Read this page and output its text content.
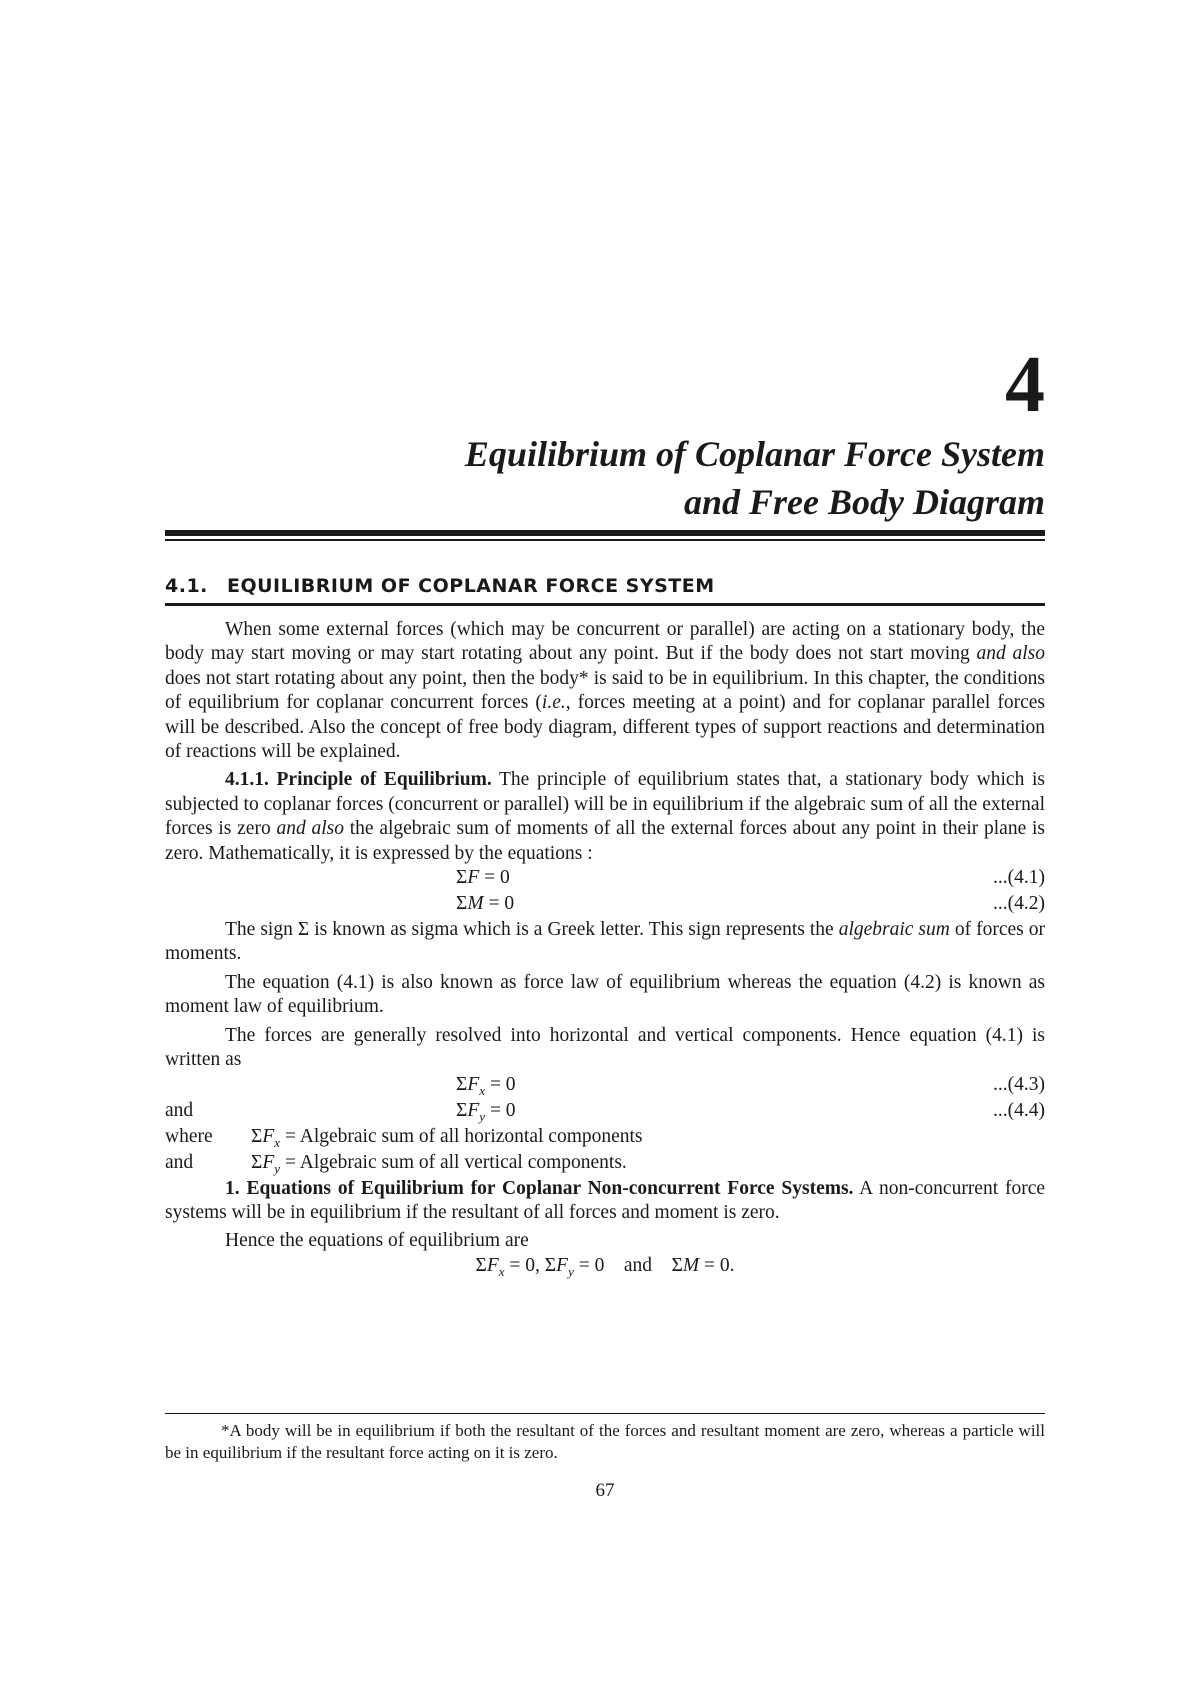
4
Equilibrium of Coplanar Force System
and Free Body Diagram
4.1. EQUILIBRIUM OF COPLANAR FORCE SYSTEM

When some external forces (which may be concurrent or parallel) are acting on a stationary body, the body may start moving or may start rotating about any point. But if the body does not start moving and also does not start rotating about any point, then the body* is said to be in equilibrium. In this chapter, the conditions of equilibrium for coplanar concurrent forces (i.e., forces meeting at a point) and for coplanar parallel forces will be described. Also the concept of free body diagram, different types of support reactions and determination of reactions will be explained.

4.1.1. Principle of Equilibrium. The principle of equilibrium states that, a stationary body which is subjected to coplanar forces (concurrent or parallel) will be in equilibrium if the algebraic sum of all the external forces is zero and also the algebraic sum of moments of all the external forces about any point in their plane is zero. Mathematically, it is expressed by the equations :

ΣF = 0	...(4.1)
ΣM = 0	...(4.2)

The sign Σ is known as sigma which is a Greek letter. This sign represents the algebraic sum of forces or moments.

The equation (4.1) is also known as force law of equilibrium whereas the equation (4.2) is known as moment law of equilibrium.

The forces are generally resolved into horizontal and vertical components. Hence equation (4.1) is written as

$\Sigma F_x = 0$	...(4.3)
and	$\Sigma F_y = 0$	...(4.4)
where $\Sigma F_x$ = Algebraic sum of all horizontal components
and	$\Sigma F_y$ = Algebraic sum of all vertical components.

1. Equations of Equilibrium for Coplanar Non-concurrent Force Systems. A non-concurrent force systems will be in equilibrium if the resultant of all forces and moment is zero.

Hence the equations of equilibrium are

$\Sigma F_x = 0$, $\Sigma F_y = 0$ and ΣM = 0.

*A body will be in equilibrium if both the resultant of the forces and resultant moment are zero, whereas a particle will be in equilibrium if the resultant force acting on it is zero.

67
